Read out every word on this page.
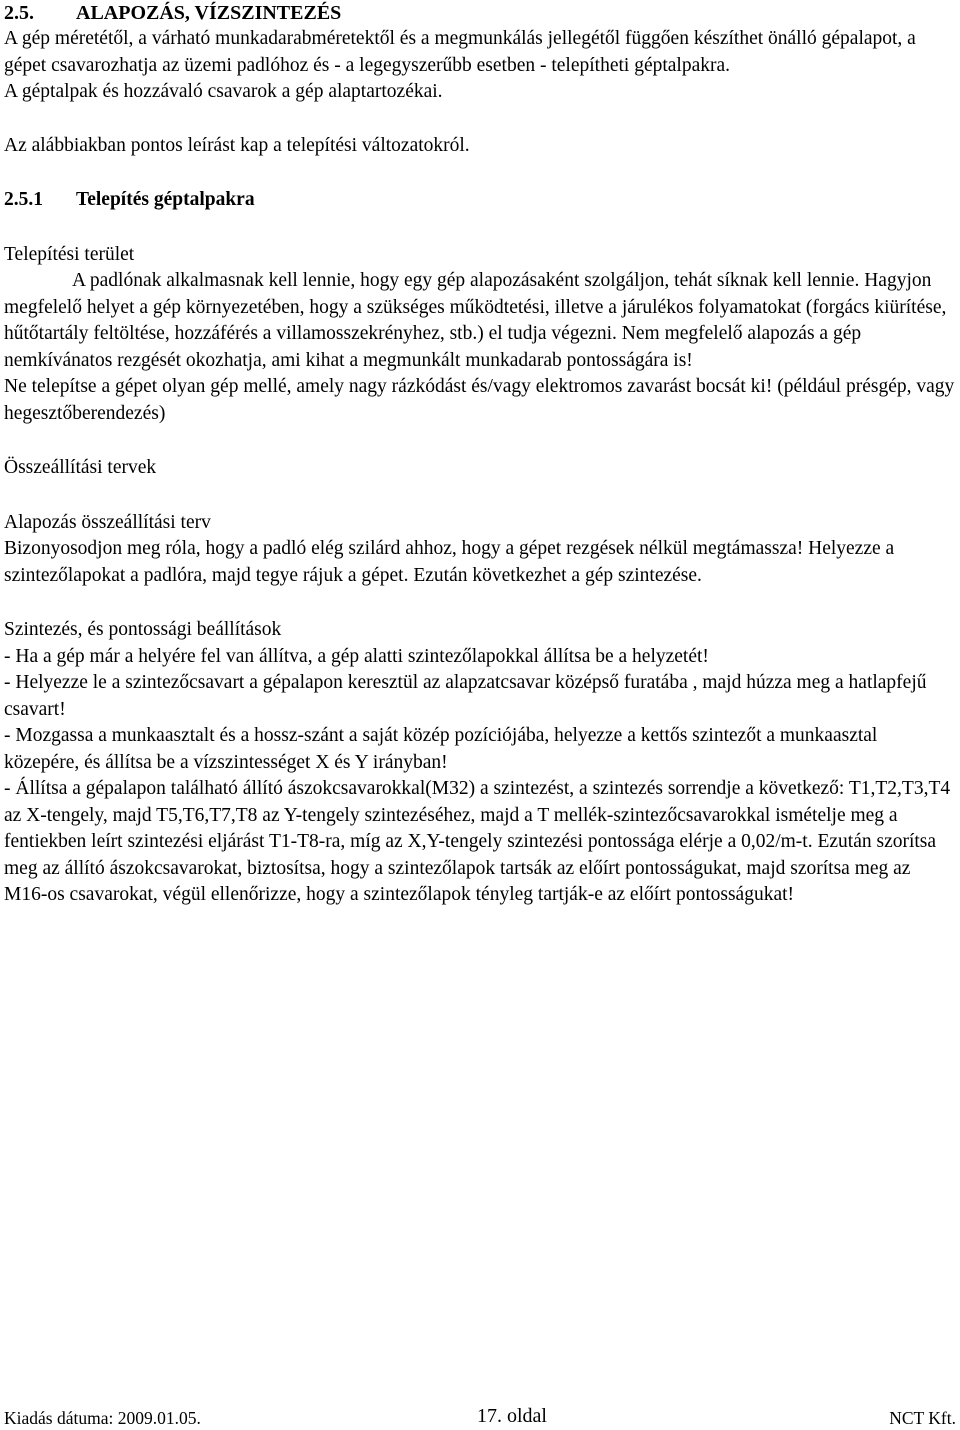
2.5. ALAPOZÁS, VÍZSZINTEZÉS

A gép méretétől, a várható munkadarabméretektől és a megmunkálás jellegétől függően készíthet önálló gépalapot, a gépet csavarozhatja az üzemi padlóhoz és - a legegyszerűbb esetben - telepítheti géptalpakra.

A géptalpak és hozzávaló csavarok a gép alaptartozékai.

Az alábbiakban pontos leírást kap a telepítési változatokról.

2.5.1 Telepítés géptalpakra

Telepítési terület

A padlónak alkalmasnak kell lennie, hogy egy gép alapozásaként szolgáljon, tehát síknak kell lennie. Hagyjon megfelelő helyet a gép környezetében, hogy a szükséges működtetési, illetve a járulékos folyamatokat (forgács kiürítése, hűtőtartály feltöltése, hozzáférés a villamosszekrényhez, stb.) el tudja végezni. Nem megfelelő alapozás a gép nemkívánatos rezgését okozhatja, ami kihat a megmunkált munkadarab pontosságára is!

Ne telepítse a gépet olyan gép mellé, amely nagy rázkódást és/vagy elektromos zavarást bocsát ki! (például présgép, vagy hegesztőberendezés)

Összeállítási tervek

Alapozás összeállítási terv

Bizonyosodjon meg róla, hogy a padló elég szilárd ahhoz, hogy a gépet rezgések nélkül megtámassza! Helyezze a szintezőlapokat a padlóra, majd tegye rájuk a gépet. Ezután következhet a gép szintezése.

Szintezés, és pontossági beállítások

- Ha a gép már a helyére fel van állítva, a gép alatti szintezőlapokkal állítsa be a helyzetét!

- Helyezze le a szintezőcsavart a gépalapon keresztül az alapzatcsavar középső furatába , majd húzza meg a hatlapfejű csavart!

- Mozgassa a munkaasztalt és a hossz-szánt a saját közép pozíciójába, helyezze a kettős szintezőt a munkaasztal közepére, és állítsa be a vízszintességet X és Y irányban!

- Állítsa a gépalapon található állító ászokcsavarokkal(M32) a szintezést, a szintezés sorrendje a következő: T1,T2,T3,T4 az X-tengely, majd T5,T6,T7,T8 az Y-tengely szintezéséhez, majd a T mellék-szintezőcsavarokkal ismételje meg a fentiekben leírt szintezési eljárást T1-T8-ra, míg az X,Y-tengely szintezési pontossága elérje a 0,02/m-t. Ezután szorítsa meg az állító ászokcsavarokat, biztosítsa, hogy a szintezőlapok tartsák az előírt pontosságukat, majd szorítsa meg az M16-os csavarokat, végül ellenőrizze, hogy a szintezőlapok tényleg tartják-e az előírt pontosságukat!

Kiadás dátuma: 2009.01.05.	17. oldal	NCT Kft.
